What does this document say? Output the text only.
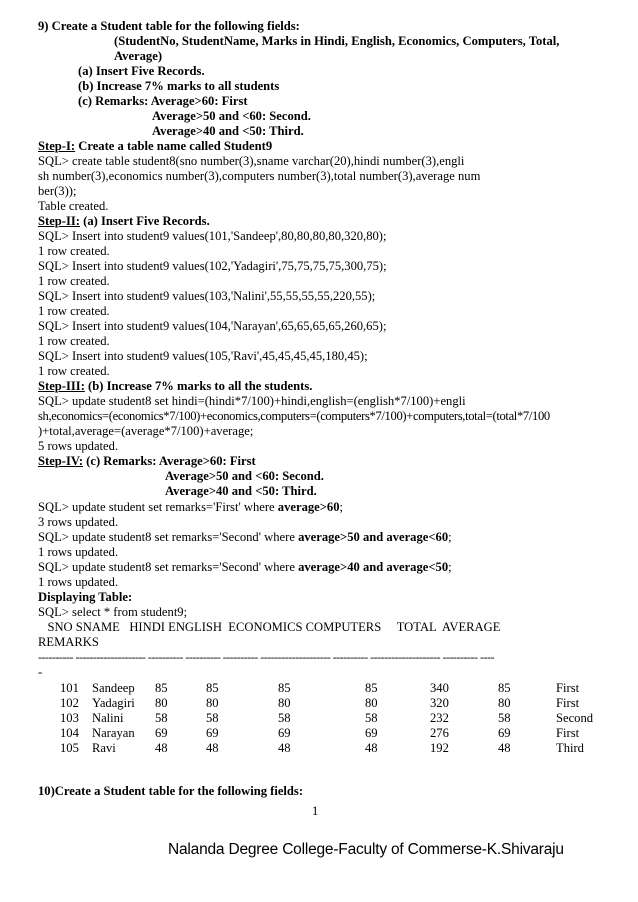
9) Create a Student table for the following fields:
(StudentNo, StudentName, Marks in Hindi, English, Economics, Computers, Total,
Average)
(a) Insert Five Records.
(b) Increase 7% marks to all students
(c) Remarks: Average>60: First
Average>50 and <60: Second.
Average>40 and <50: Third.
Step-I: Create a table name called Student9
SQL> create table student8(sno number(3),sname varchar(20),hindi number(3),engli
sh number(3),economics number(3),computers number(3),total number(3),average num
ber(3));
Table created.
Step-II: (a) Insert Five Records.
SQL> Insert into student9 values(101,'Sandeep',80,80,80,80,320,80);
1 row created.
SQL> Insert into student9 values(102,'Yadagiri',75,75,75,75,300,75);
1 row created.
SQL> Insert into student9 values(103,'Nalini',55,55,55,55,220,55);
1 row created.
SQL> Insert into student9 values(104,'Narayan',65,65,65,65,260,65);
1 row created.
SQL> Insert into student9 values(105,'Ravi',45,45,45,45,180,45);
1 row created.
Step-III: (b) Increase 7% marks to all the students.
SQL> update student8 set hindi=(hindi*7/100)+hindi,english=(english*7/100)+engli
sh,economics=(economics*7/100)+economics,computers=(computers*7/100)+computers,total=(total*7/100
)+total,average=(average*7/100)+average;
5 rows updated.
Step-IV: (c) Remarks: Average>60: First
Average>50 and <60: Second.
Average>40 and <50: Third.
SQL> update student set remarks='First' where average>60;
3 rows updated.
SQL> update student8 set remarks='Second' where average>50 and average<60;
1 rows updated.
SQL> update student8 set remarks='Second' where average>40 and average<50;
1 rows updated.
Displaying Table:
SQL> select * from student9;
SNO SNAME   HINDI ENGLISH  ECONOMICS COMPUTERS     TOTAL  AVERAGE
REMARKS
---------- -------------------- ---------- ---------- ---------- -------------------- ---------- -------------------- ---------- ----
-
101 Sandeep 85	85	85	85	340	85	First
102 Yadagiri 80	80	80	80	320	80	First
103 Nalini	58	58	58	58	232	58	Second
104 Narayan 69	69	69	69	276	69	First
105 Ravi	48	48	48	48	192	48	Third
10)Create a Student table for the following fields:
1
Nalanda Degree College-Faculty of Commerse-K.Shivaraju
